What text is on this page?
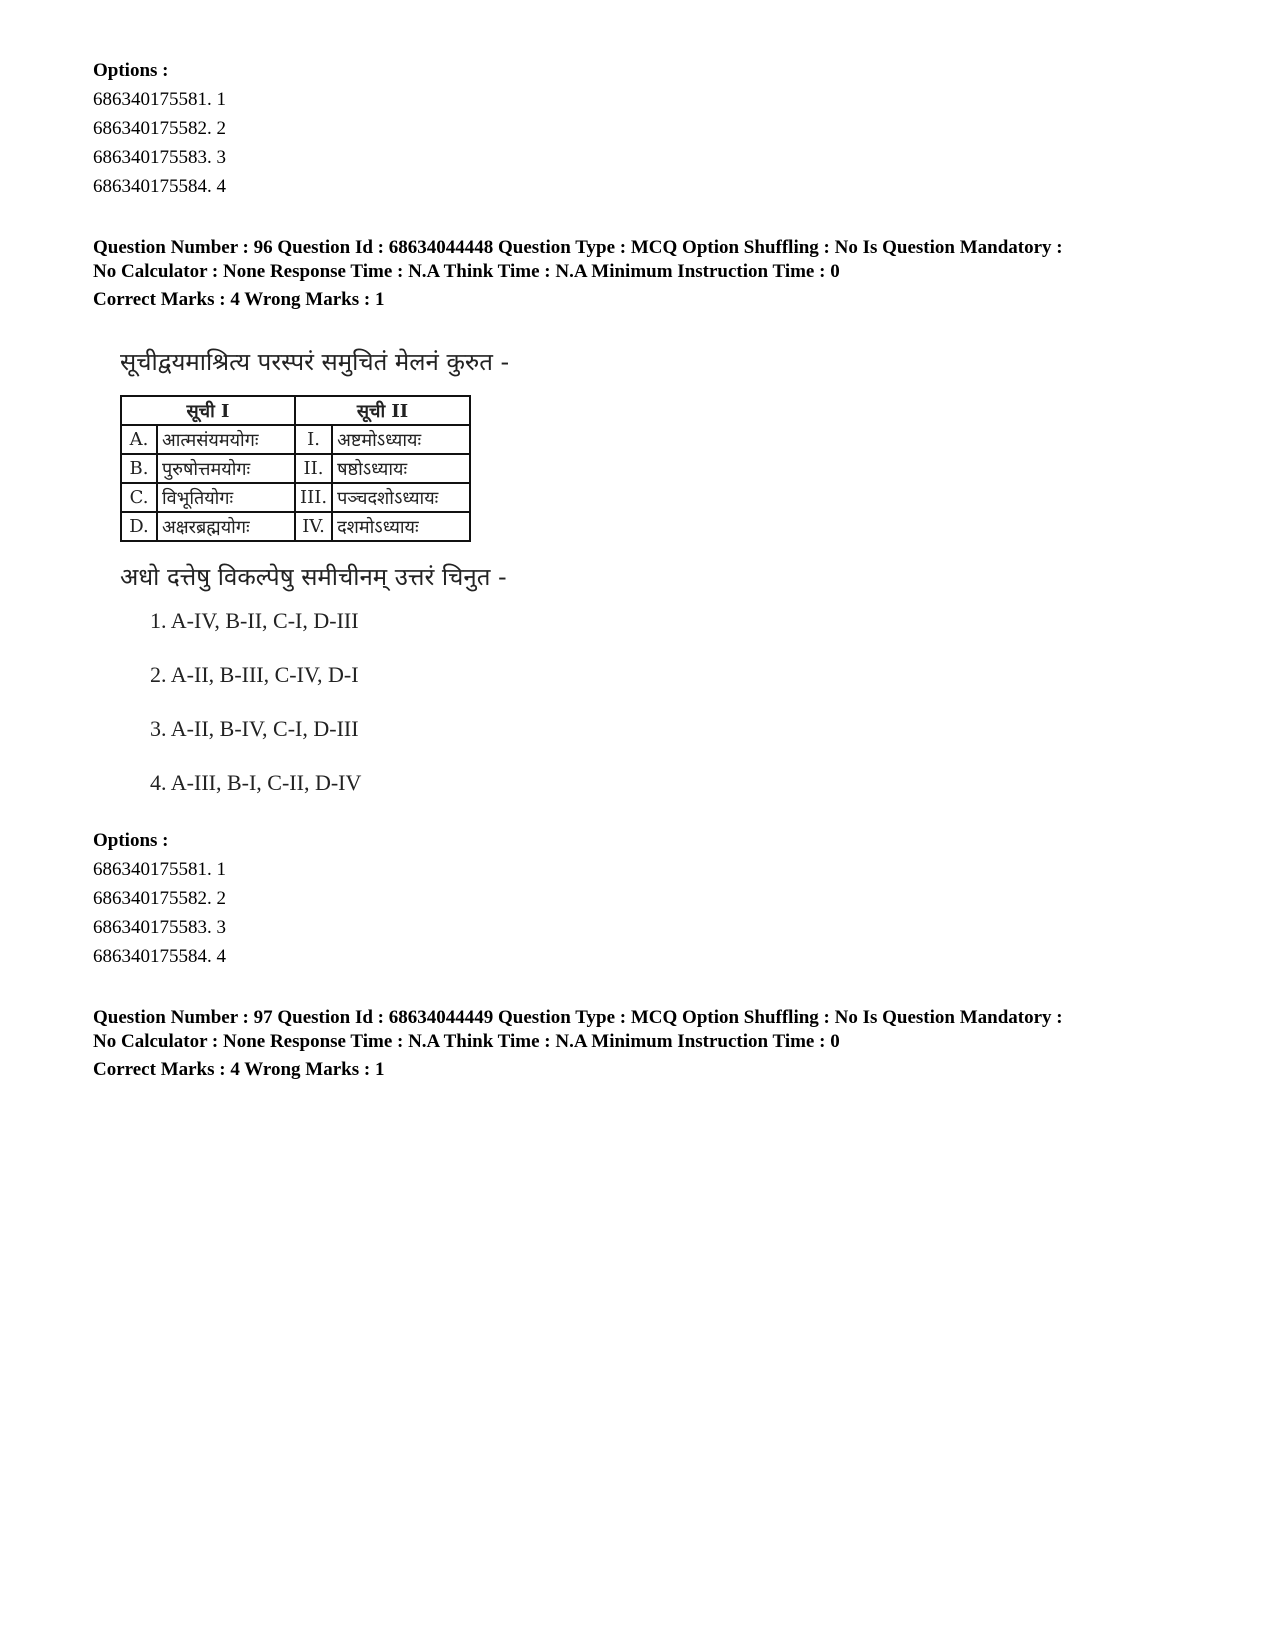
Options :
686340175581. 1
686340175582. 2
686340175583. 3
686340175584. 4
Question Number : 96 Question Id : 68634044448 Question Type : MCQ Option Shuffling : No Is Question Mandatory :
No Calculator : None Response Time : N.A Think Time : N.A Minimum Instruction Time : 0
Correct Marks : 4 Wrong Marks : 1
सूचीद्वयमाश्रित्य परस्परं समुचितं मेलनं कुरुत -
सूची I		सूची II	
A.	आत्मसंयमयोगः	I.	अष्टमोऽध्यायः
B.	पुरुषोत्तमयोगः	II.	षष्ठोऽध्यायः
C.	विभूतियोगः	III.	पञ्चदशोऽध्यायः
D.	अक्षरब्रह्मयोगः	IV.	दशमोऽध्यायः
अधो दत्तेषु विकल्पेषु समीचीनम् उत्तरं चिनुत -
1. A-IV, B-II, C-I, D-III
2. A-II, B-III, C-IV, D-I
3. A-II, B-IV, C-I, D-III
4. A-III, B-I, C-II, D-IV
Options :
686340175581. 1
686340175582. 2
686340175583. 3
686340175584. 4
Question Number : 97 Question Id : 68634044449 Question Type : MCQ Option Shuffling : No Is Question Mandatory :
No Calculator : None Response Time : N.A Think Time : N.A Minimum Instruction Time : 0
Correct Marks : 4 Wrong Marks : 1
